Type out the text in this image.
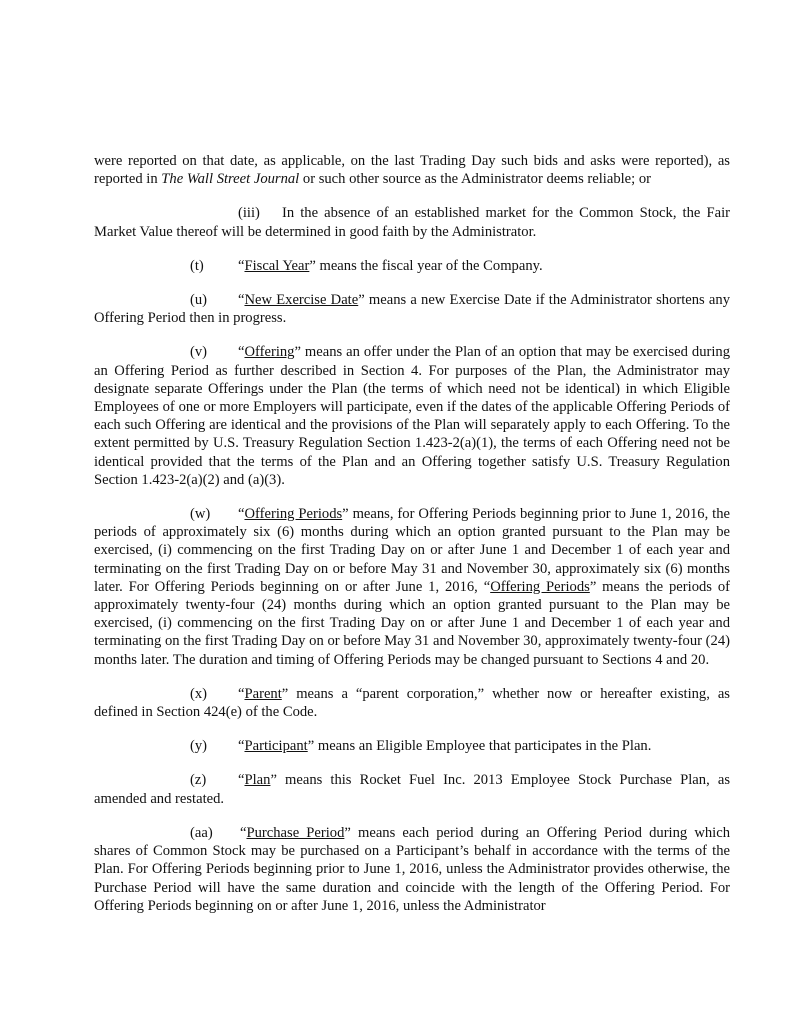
were reported on that date, as applicable, on the last Trading Day such bids and asks were reported), as reported in The Wall Street Journal or such other source as the Administrator deems reliable; or

(iii) In the absence of an established market for the Common Stock, the Fair Market Value thereof will be determined in good faith by the Administrator.

(t) “Fiscal Year” means the fiscal year of the Company.

(u) “New Exercise Date” means a new Exercise Date if the Administrator shortens any Offering Period then in progress.

(v) “Offering” means an offer under the Plan of an option that may be exercised during an Offering Period as further described in Section 4. For purposes of the Plan, the Administrator may designate separate Offerings under the Plan (the terms of which need not be identical) in which Eligible Employees of one or more Employers will participate, even if the dates of the applicable Offering Periods of each such Offering are identical and the provisions of the Plan will separately apply to each Offering. To the extent permitted by U.S. Treasury Regulation Section 1.423-2(a)(1), the terms of each Offering need not be identical provided that the terms of the Plan and an Offering together satisfy U.S. Treasury Regulation Section 1.423-2(a)(2) and (a)(3).

(w) “Offering Periods” means, for Offering Periods beginning prior to June 1, 2016, the periods of approximately six (6) months during which an option granted pursuant to the Plan may be exercised, (i) commencing on the first Trading Day on or after June 1 and December 1 of each year and terminating on the first Trading Day on or before May 31 and November 30, approximately six (6) months later. For Offering Periods beginning on or after June 1, 2016, “Offering Periods” means the periods of approximately twenty-four (24) months during which an option granted pursuant to the Plan may be exercised, (i) commencing on the first Trading Day on or after June 1 and December 1 of each year and terminating on the first Trading Day on or before May 31 and November 30, approximately twenty-four (24) months later. The duration and timing of Offering Periods may be changed pursuant to Sections 4 and 20.

(x) “Parent” means a “parent corporation,” whether now or hereafter existing, as defined in Section 424(e) of the Code.

(y) “Participant” means an Eligible Employee that participates in the Plan.

(z) “Plan” means this Rocket Fuel Inc. 2013 Employee Stock Purchase Plan, as amended and restated.

(aa) “Purchase Period” means each period during an Offering Period during which shares of Common Stock may be purchased on a Participant’s behalf in accordance with the terms of the Plan. For Offering Periods beginning prior to June 1, 2016, unless the Administrator provides otherwise, the Purchase Period will have the same duration and coincide with the length of the Offering Period. For Offering Periods beginning on or after June 1, 2016, unless the Administrator
